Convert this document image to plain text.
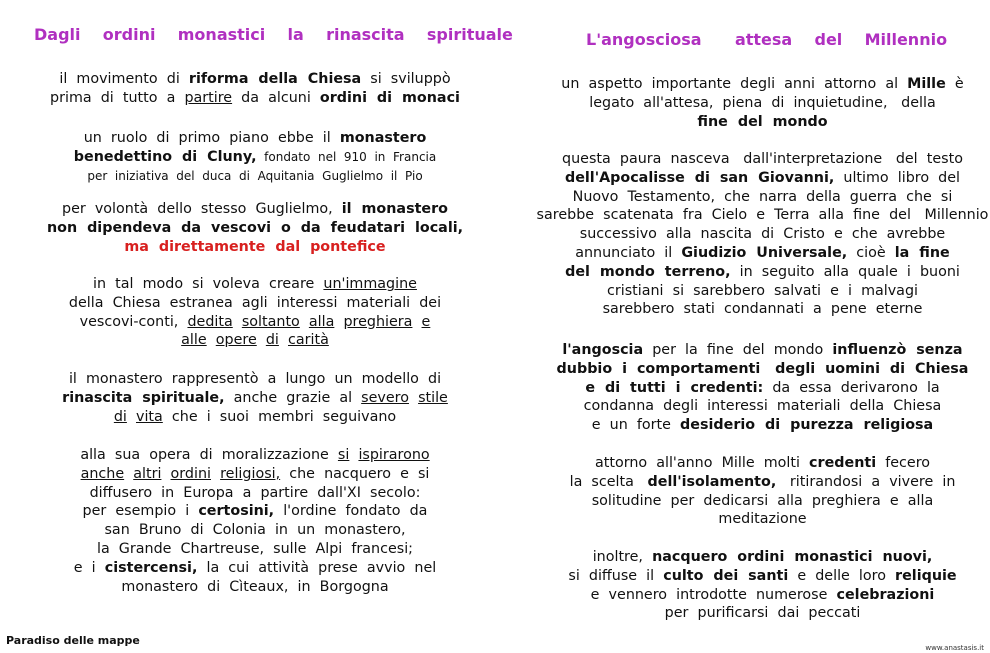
Dagli    ordini    monastici    la    rinascita    spirituale
il  movimento  di  riforma  della  Chiesa  si  sviluppò
prima  di  tutto  a  partire  da  alcuni  ordini  di  monaci
un  ruolo  di  primo  piano  ebbe  il  monastero
benedettino  di  Cluny,  fondato  nel  910  in  Francia
per  iniziativa  del  duca  di  Aquitania  Guglielmo  il  Pio
per  volontà  dello  stesso  Guglielmo,  il  monastero
non  dipendeva  da  vescovi  o  da  feudatari  locali,
ma  direttamente  dal  pontefice
in  tal  modo  si  voleva  creare  un'immagine
della  Chiesa  estranea  agli  interessi  materiali  dei
vescovi-conti,  dedita soltanto alla preghiera e
alle opere di carità
il  monastero  rappresentò  a  lungo  un  modello  di
rinascita  spirituale,  anche  grazie  al  severo stile
di vita  che  i  suoi  membri  seguivano
alla  sua  opera  di  moralizzazione  si ispirarono
anche altri ordini religiosi,  che  nacquero  e  si
diffusero  in  Europa  a  partire  dall'XI  secolo:
per  esempio  i  certosini,  l'ordine  fondato  da
san  Bruno  di  Colonia  in  un  monastero,
la  Grande  Chartreuse,  sulle  Alpi  francesi;
e  i  cistercensi,  la  cui  attività  prese  avvio  nel
monastero  di  Cìteaux,  in  Borgogna
L'angosciosa      attesa    del    Millennio
un  aspetto  importante  degli  anni  attorno  al  Mille  è
legato  all'attesa,  piena  di  inquietudine,   della
fine  del  mondo
questa  paura  nasceva   dall'interpretazione   del  testo
dell'Apocalisse  di  san  Giovanni,  ultimo  libro  del
Nuovo  Testamento,  che  narra  della  guerra  che  si
sarebbe  scatenata  fra  Cielo  e  Terra  alla  fine  del   Millennio
successivo  alla  nascita  di  Cristo  e  che  avrebbe
annunciato  il  Giudizio  Universale,  cioè  la  fine
del  mondo  terreno,  in  seguito  alla  quale  i  buoni
cristiani  si  sarebbero  salvati  e  i  malvagi
sarebbero  stati  condannati  a  pene  eterne
l'angoscia  per  la  fine  del  mondo  influenzò  senza
dubbio  i  comportamenti   degli  uomini  di  Chiesa
e  di  tutti  i  credenti:  da  essa  derivarono  la
condanna  degli  interessi  materiali  della  Chiesa
e  un  forte  desiderio  di  purezza  religiosa
attorno  all'anno  Mille  molti  credenti  fecero
la  scelta   dell'isolamento,   ritirandosi  a  vivere  in
solitudine  per  dedicarsi  alla  preghiera  e  alla
meditazione
inoltre,  nacquero  ordini  monastici  nuovi,
si  diffuse  il  culto  dei  santi  e  delle  loro  reliquie
e  vennero  introdotte  numerose  celebrazioni
per  purificarsi  dai  peccati
Paradiso delle mappe
www.anastasis.it
